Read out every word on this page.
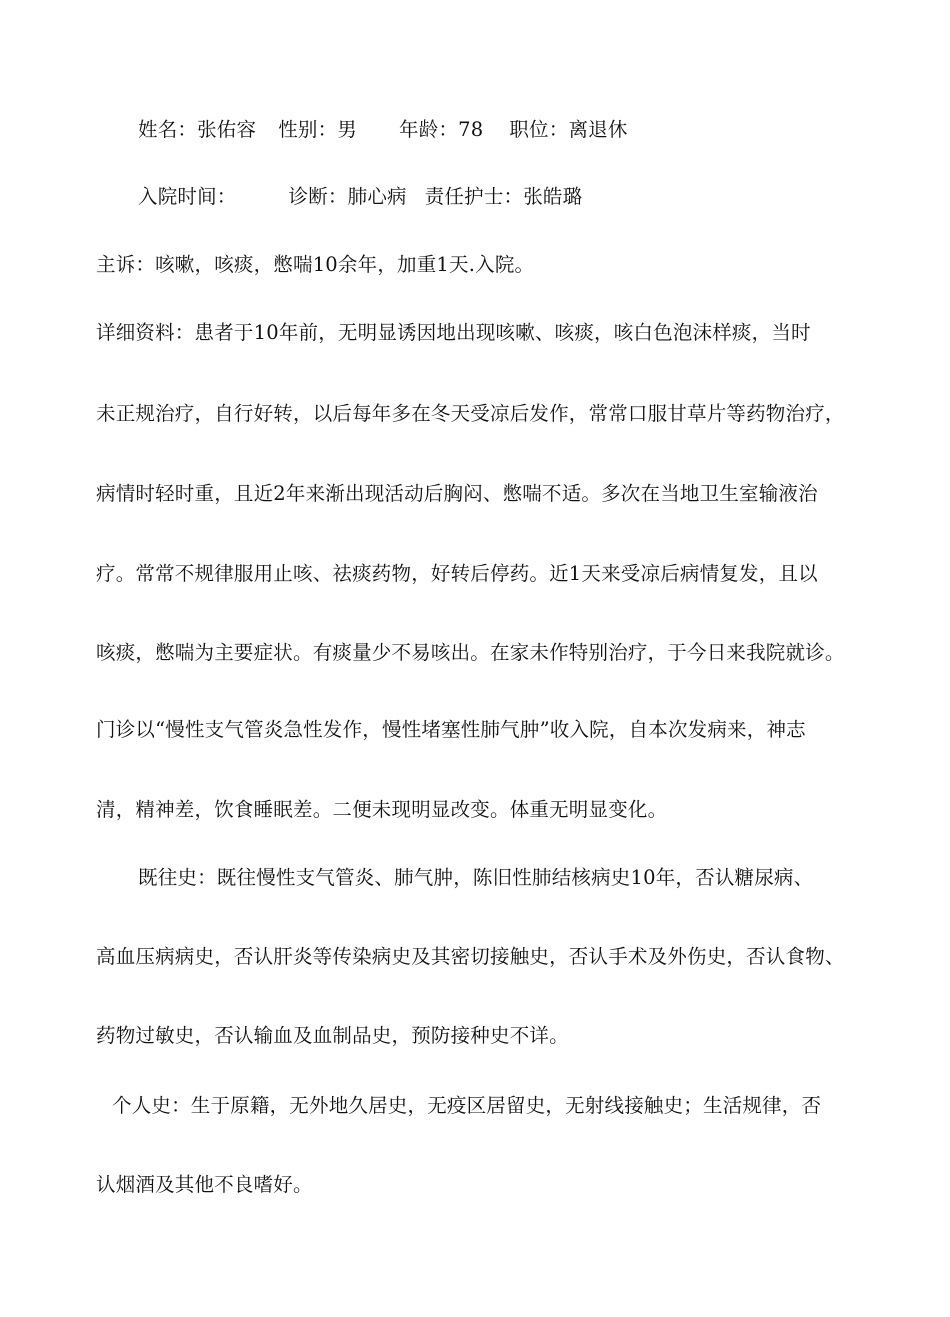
姓名：张佑容 性别：男 年龄：78 职位：离退休
入院时间：	诊断：肺心病 责任护士：张皓璐
主诉：咳嗽，咳痰，憋喘10余年，加重1天.入院。
详细资料：患者于10年前，无明显诱因地出现咳嗽、咳痰，咳白色泡沫样痰，当时
未正规治疗，自行好转，以后每年多在冬天受凉后发作，常常口服甘草片等药物治疗，
病情时轻时重，且近2年来渐出现活动后胸闷、憋喘不适。多次在当地卫生室输液治
疗。常常不规律服用止咳、祛痰药物，好转后停药。近1天来受凉后病情复发，且以
咳痰，憋喘为主要症状。有痰量少不易咳出。在家未作特别治疗，于今日来我院就诊。
门诊以“慢性支气管炎急性发作，慢性堵塞性肺气肿”收入院，自本次发病来，神志
清，精神差，饮食睡眠差。二便未现明显改变。体重无明显变化。
既往史：既往慢性支气管炎、肺气肿，陈旧性肺结核病史10年，否认糖尿病、
高血压病病史，否认肝炎等传染病史及其密切接触史，否认手术及外伤史，否认食物、
药物过敏史，否认输血及血制品史，预防接种史不详。
个人史：生于原籍，无外地久居史，无疫区居留史，无射线接触史；生活规律，否
认烟酒及其他不良嗜好。
